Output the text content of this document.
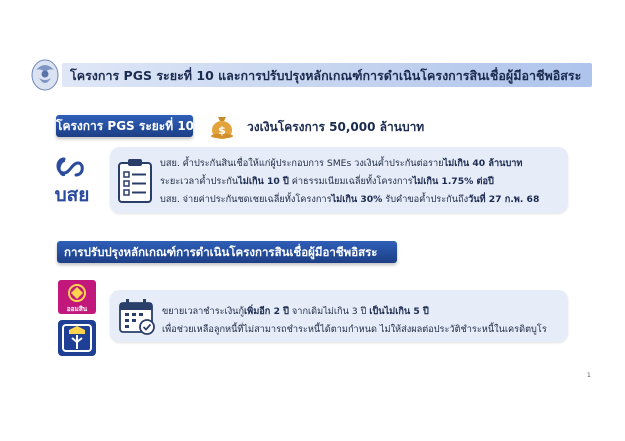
โครงการ PGS ระยะที่ 10 และการปรับปรุงหลักเกณฑ์การดำเนินโครงการสินเชื่อผู้มีอาชีพอิสระ
โครงการ PGS ระยะที่ 10 $ วงเงินโครงการ 50,000 ล้านบาท
บสย
บสย. ค้ำประกันสินเชื่อให้แก่ผู้ประกอบการ SMEs วงเงินค้ำประกันต่อรายไม่เกิน 40 ล้านบาท
ระยะเวลาค้ำประกันไม่เกิน 10 ปี ค่าธรรมเนียมเฉลี่ยทั้งโครงการไม่เกิน 1.75% ต่อปี
บสย. จ่ายค่าประกันชดเชยเฉลี่ยทั้งโครงการไม่เกิน 30% รับคำขอค้ำประกันถึงวันที่ 27 ก.พ. 68
การปรับปรุงหลักเกณฑ์การดำเนินโครงการสินเชื่อผู้มีอาชีพอิสระ
ออมสิน	ขยายเวลาชำระเงินกู้เพิ่มอีก 2 ปี จากเดิมไม่เกิน 3 ปี เป็นไม่เกิน 5 ปี
เพื่อช่วยเหลือลูกหนี้ที่ไม่สามารถชำระหนี้ได้ตามกำหนด ไม่ให้ส่งผลต่อประวัติชำระหนี้ในเครดิตบูโร
1
